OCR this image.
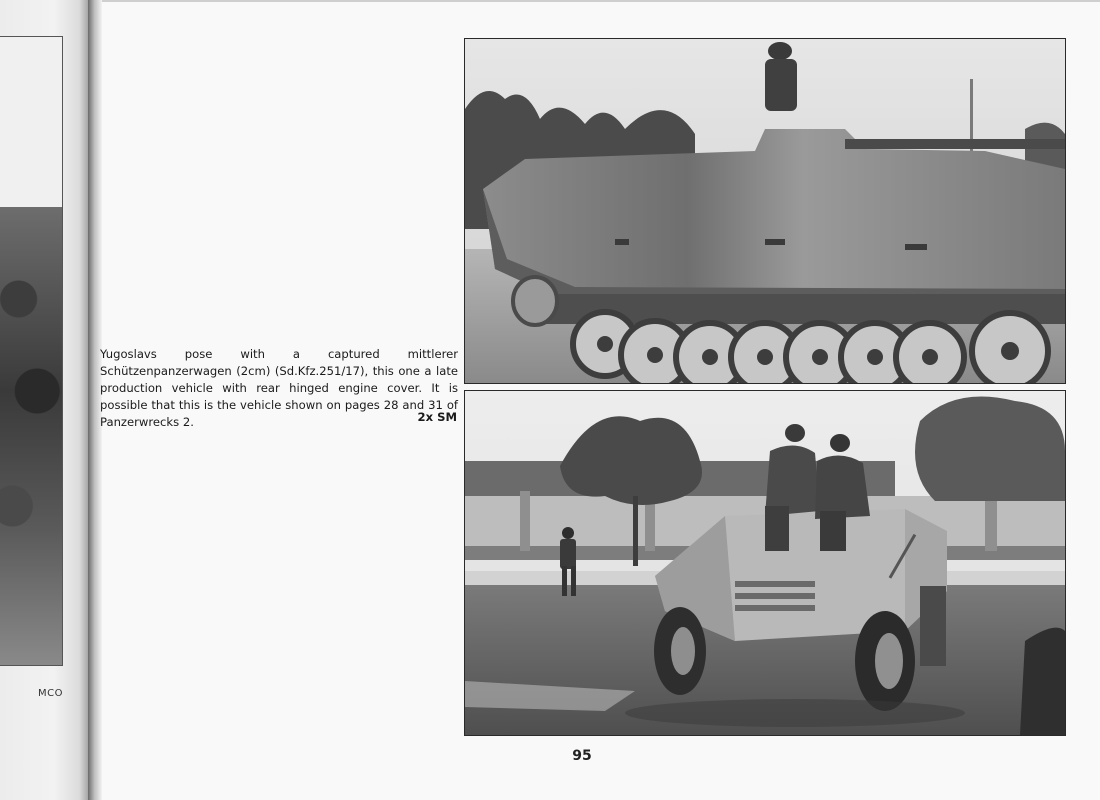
MCO
Yugoslavs pose with a captured mittlerer Schützenpanzerwagen (2cm) (Sd.Kfz.251/17), this one a late production vehicle with rear hinged engine cover. It is possible that this is the vehicle shown on pages 28 and 31 of Panzerwrecks 2.	2x SM
95
